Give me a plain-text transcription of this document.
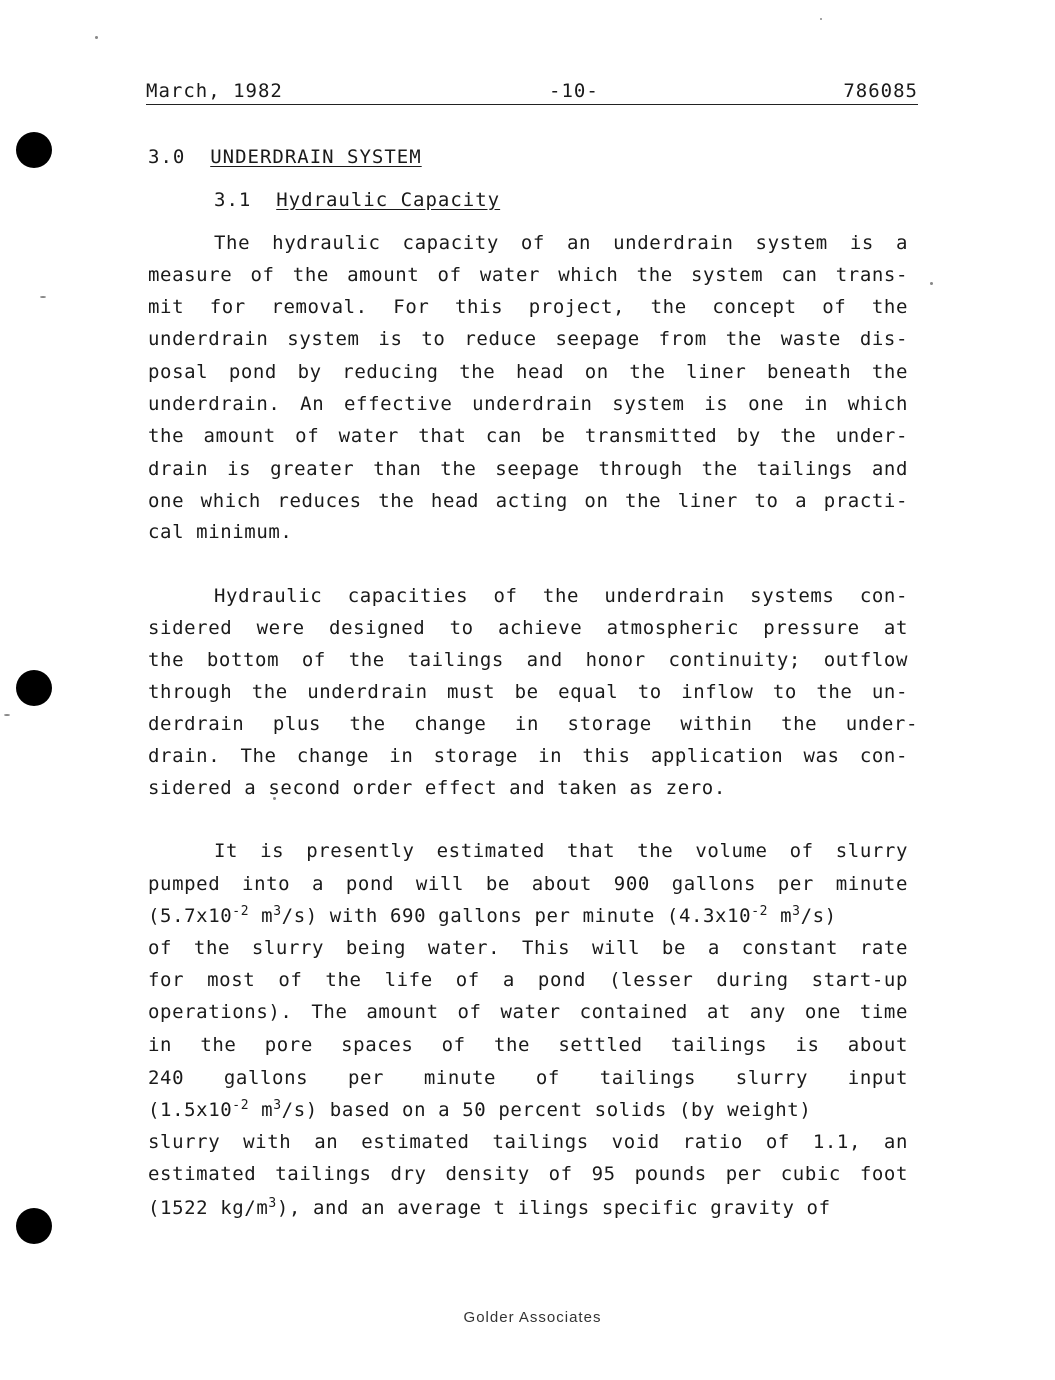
March, 1982	-10-	786085
3.0 UNDERDRAIN SYSTEM
3.1 Hydraulic Capacity
The hydraulic capacity of an underdrain system is a
measure of the amount of water which the system can trans-
mit for removal. For this project, the concept of the
underdrain system is to reduce seepage from the waste dis-
posal pond by reducing the head on the liner beneath the
underdrain. An effective underdrain system is one in which
the amount of water that can be transmitted by the under-
drain is greater than the seepage through the tailings and
one which reduces the head acting on the liner to a practi-
cal minimum.
Hydraulic capacities of the underdrain systems con-
sidered were designed to achieve atmospheric pressure at
the bottom of the tailings and honor continuity; outflow
through the underdrain must be equal to inflow to the un-
derdrain plus the change in storage within the under-
drain. The change in storage in this application was con-
sidered a second order effect and taken as zero.
It is presently estimated that the volume of slurry
pumped into a pond will be about 900 gallons per minute
($5.7x10^{-2}$ $m^3/s$) with 690 gallons per minute ($4.3x10^{-2}$ $m^3/s$)
of the slurry being water. This will be a constant rate
for most of the life of a pond (lesser during start-up
operations). The amount of water contained at any one time
in the pore spaces of the settled tailings is about
240 gallons per minute of tailings slurry input
($1.5x10^{-2}$ $m^3/s$) based on a 50 percent solids (by weight)
slurry with an estimated tailings void ratio of 1.1, an
estimated tailings dry density of 95 pounds per cubic foot
(1522 $kg/m^3$), and an average t ilings specific gravity of
Golder Associates
